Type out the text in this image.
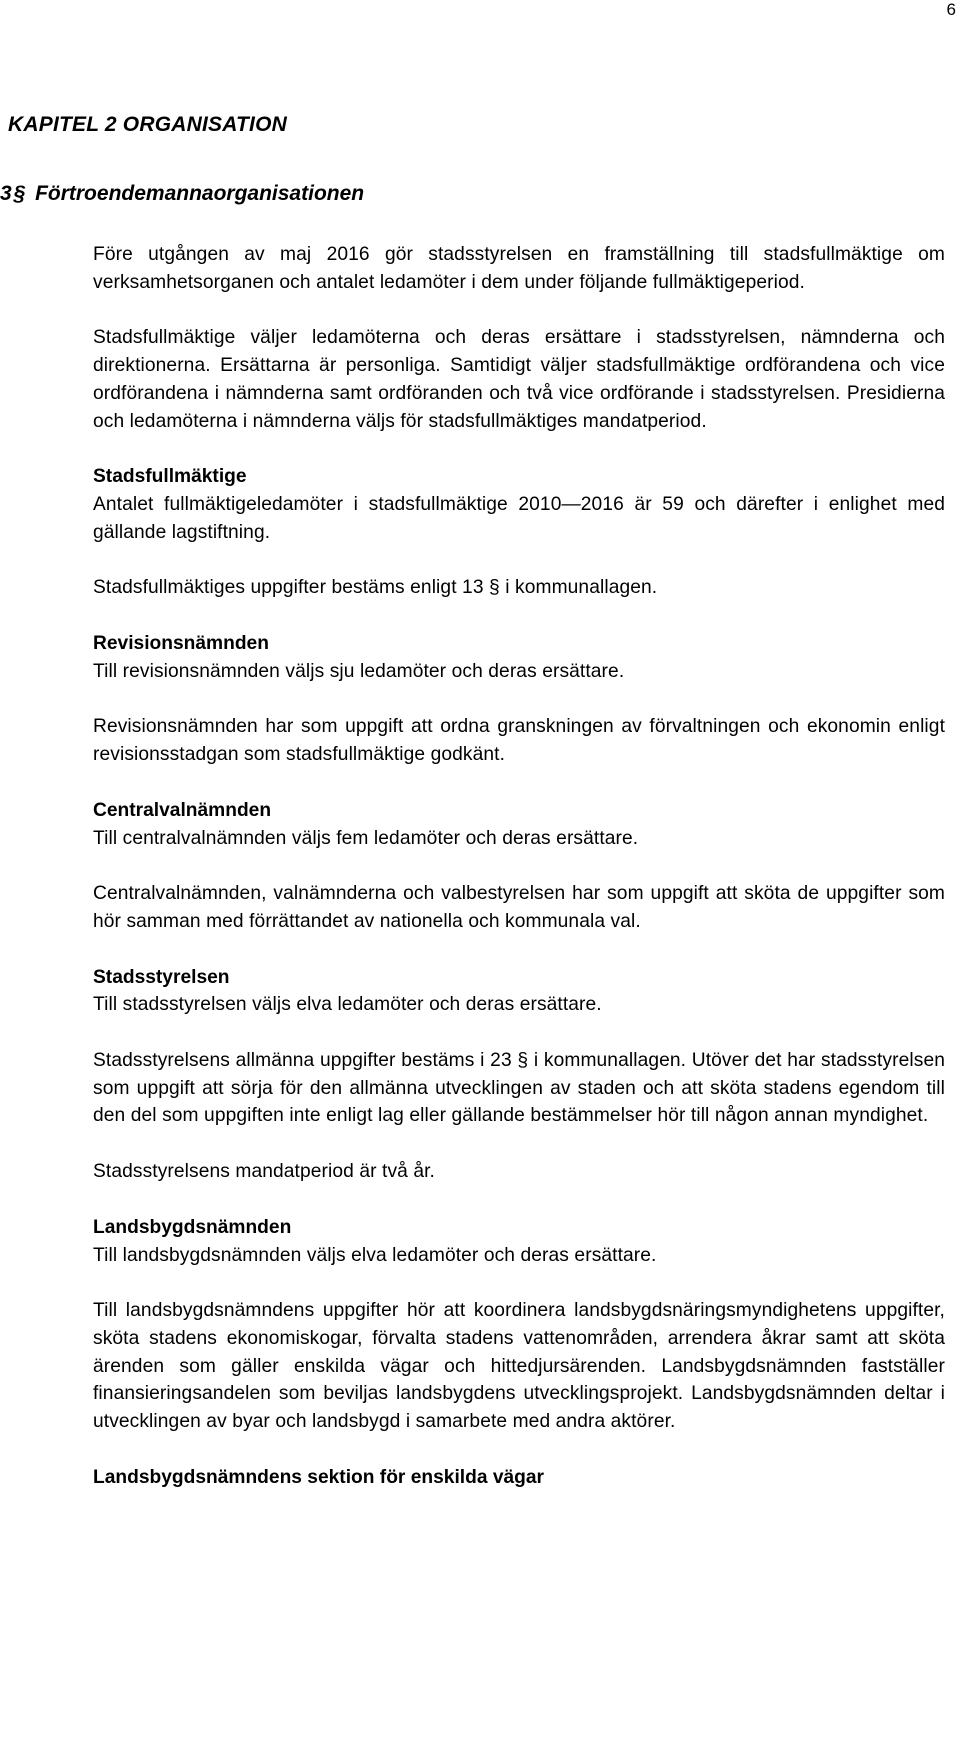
6
KAPITEL 2 ORGANISATION
3 § Förtroendemannaorganisationen

Före utgången av maj 2016 gör stadsstyrelsen en framställning till stadsfullmäktige om verksamhetsorganen och antalet ledamöter i dem under följande fullmäktigeperiod.

Stadsfullmäktige väljer ledamöterna och deras ersättare i stadsstyrelsen, nämnderna och direktionerna. Ersättarna är personliga. Samtidigt väljer stadsfullmäktige ordförandena och vice ordförandena i nämnderna samt ordföranden och två vice ordförande i stadsstyrelsen. Presidierna och ledamöterna i nämnderna väljs för stadsfullmäktiges mandatperiod.

Stadsfullmäktige

Antalet fullmäktigeledamöter i stadsfullmäktige 2010—2016 är 59 och därefter i enlighet med gällande lagstiftning.

Stadsfullmäktiges uppgifter bestäms enligt 13 § i kommunallagen.

Revisionsnämnden

Till revisionsnämnden väljs sju ledamöter och deras ersättare.

Revisionsnämnden har som uppgift att ordna granskningen av förvaltningen och ekonomin enligt revisionsstadgan som stadsfullmäktige godkänt.

Centralvalnämnden

Till centralvalnämnden väljs fem ledamöter och deras ersättare.

Centralvalnämnden, valnämnderna och valbestyrelsen har som uppgift att sköta de uppgifter som hör samman med förrättandet av nationella och kommunala val.

Stadsstyrelsen

Till stadsstyrelsen väljs elva ledamöter och deras ersättare.

Stadsstyrelsens allmänna uppgifter bestäms i 23 § i kommunallagen. Utöver det har stadsstyrelsen som uppgift att sörja för den allmänna utvecklingen av staden och att sköta stadens egendom till den del som uppgiften inte enligt lag eller gällande bestämmelser hör till någon annan myndighet.

Stadsstyrelsens mandatperiod är två år.

Landsbygdsnämnden

Till landsbygdsnämnden väljs elva ledamöter och deras ersättare.

Till landsbygdsnämndens uppgifter hör att koordinera landsbygdsnäringsmyndighetens uppgifter, sköta stadens ekonomiskogar, förvalta stadens vattenområden, arrendera åkrar samt att sköta ärenden som gäller enskilda vägar och hittedjursärenden. Landsbygdsnämnden fastställer finansieringsandelen som beviljas landsbygdens utvecklingsprojekt. Landsbygdsnämnden deltar i utvecklingen av byar och landsbygd i samarbete med andra aktörer.

Landsbygdsnämndens sektion för enskilda vägar
